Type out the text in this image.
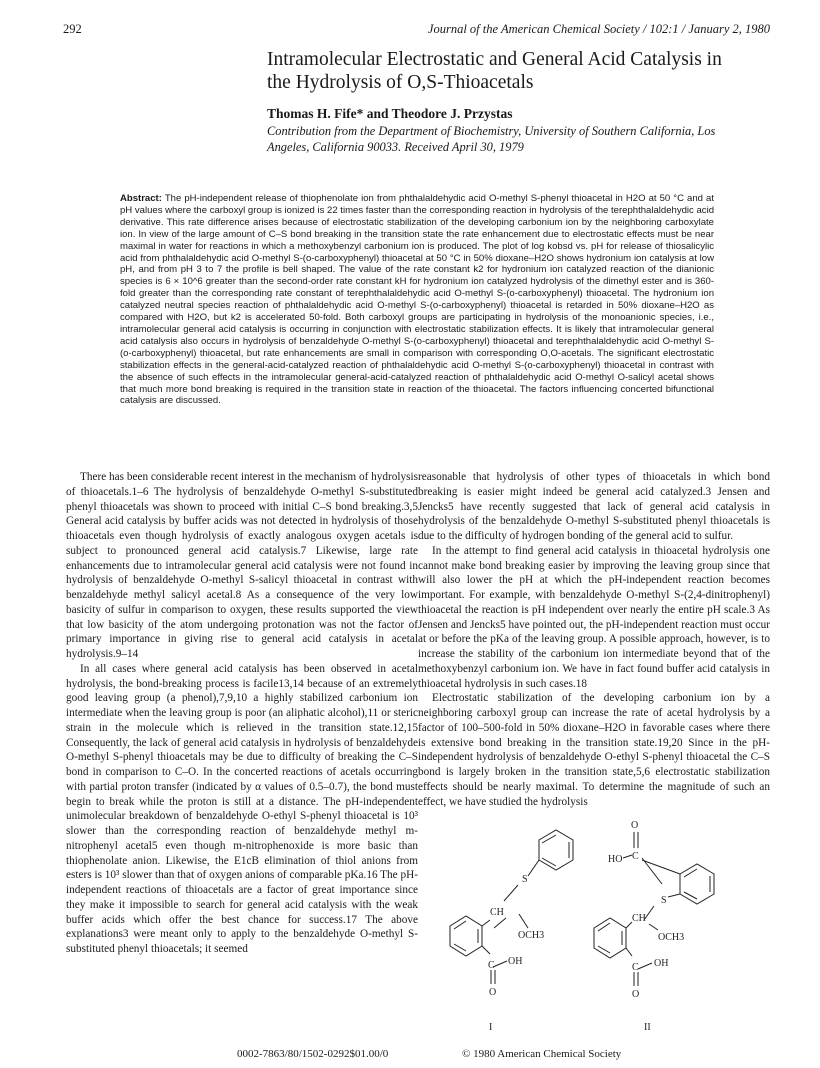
292	Journal of the American Chemical Society / 102:1 / January 2, 1980
Intramolecular Electrostatic and General Acid Catalysis in the Hydrolysis of O,S-Thioacetals
Thomas H. Fife* and Theodore J. Przystas
Contribution from the Department of Biochemistry, University of Southern California, Los Angeles, California 90033. Received April 30, 1979
Abstract: The pH-independent release of thiophenolate ion from phthalaldehydic acid O-methyl S-phenyl thioacetal in H2O at 50 °C and at pH values where the carboxyl group is ionized is 22 times faster than the corresponding reaction in hydrolysis of the terephthalaldehydic acid derivative. This rate difference arises because of electrostatic stabilization of the developing carbonium ion by the neighboring carboxylate ion. In view of the large amount of C–S bond breaking in the transition state the rate enhancement due to electrostatic effects must be near maximal in water for reactions in which a methoxybenzyl carbonium ion is produced. The plot of log kobsd vs. pH for release of thiosalicylic acid from phthalaldehydic acid O-methyl S-(o-carboxyphenyl) thioacetal at 50 °C in 50% dioxane–H2O shows hydronium ion catalysis at low pH, and from pH 3 to 7 the profile is bell shaped. The value of the rate constant k2 for hydronium ion catalyzed reaction of the dianionic species is 6 × 10^6 greater than the second-order rate constant kH for hydronium ion catalyzed hydrolysis of the dimethyl ester and is 360-fold greater than the corresponding rate constant of terephthalaldehydic acid O-methyl S-(o-carboxyphenyl) thioacetal. The hydronium ion catalyzed neutral species reaction of phthalaldehydic acid O-methyl S-(o-carboxyphenyl) thioacetal is retarded in 50% dioxane–H2O as compared with H2O, but k2 is accelerated 50-fold. Both carboxyl groups are participating in hydrolysis of the monoanionic species, i.e., intramolecular general acid catalysis is occurring in conjunction with electrostatic stabilization effects. It is likely that intramolecular general acid catalysis also occurs in hydrolysis of benzaldehyde O-methyl S-(o-carboxyphenyl) thioacetal and terephthalaldehydic acid O-methyl S-(o-carboxyphenyl) thioacetal, but rate enhancements are small in comparison with corresponding O,O-acetals. The significant electrostatic stabilization effects in the general-acid-catalyzed reaction of phthalaldehydic acid O-methyl S-(o-carboxyphenyl) thioacetal in contrast with the absence of such effects in the intramolecular general-acid-catalyzed reaction of phthalaldehydic acid O-methyl O-salicyl acetal shows that much more bond breaking is required in the transition state in reaction of the thioacetal. The factors influencing concerted bifunctional catalysis are discussed.

There has been considerable recent interest in the mechanism of hydrolysis of thioacetals.1–6 The hydrolysis of benzaldehyde O-methyl S-substituted phenyl thioacetals was shown to proceed with initial C–S bond breaking.3,5 General acid catalysis by buffer acids was not detected in hydrolysis of those thioacetals even though hydrolysis of exactly analogous oxygen acetals is subject to pronounced general acid catalysis.7 Likewise, large rate enhancements due to intramolecular general acid catalysis were not found in hydrolysis of benzaldehyde O-methyl S-salicyl thioacetal in contrast with benzaldehyde methyl salicyl acetal.8 As a consequence of the very low basicity of sulfur in comparison to oxygen, these results supported the view that low basicity of the atom undergoing protonation was not the factor of primary importance in giving rise to general acid catalysis in acetal hydrolysis.9–14

In all cases where general acid catalysis has been observed in acetal hydrolysis, the bond-breaking process is facile13,14 because of an extremely good leaving group (a phenol),7,9,10 a highly stabilized carbonium ion intermediate when the leaving group is poor (an aliphatic alcohol),11 or steric strain in the molecule which is relieved in the transition state.12,15 Consequently, the lack of general acid catalysis in hydrolysis of benzaldehyde O-methyl S-phenyl thioacetals may be due to difficulty of breaking the C–S bond in comparison to C–O. In the concerted reactions of acetals occurring with partial proton transfer (indicated by α values of 0.5–0.7), the bond must begin to break while the proton is still at a distance. The pH-independent unimolecular breakdown of benzaldehyde O-ethyl S-phenyl thioacetal is 10³ slower than the corresponding reaction of benzaldehyde methyl m-nitrophenyl acetal5 even though m-nitrophenoxide is more basic than thiophenolate anion. Likewise, the E1cB elimination of thiol anions from esters is 10³ slower than that of oxygen anions of comparable pKa.16 The pH-independent reactions of thioacetals are a factor of great importance since they make it impossible to search for general acid catalysis with the weak buffer acids which offer the best chance for success.17 The above explanations3 were meant only to apply to the benzaldehyde O-methyl S-substituted phenyl thioacetals; it seemed

reasonable that hydrolysis of other types of thioacetals in which bond breaking is easier might indeed be general acid catalyzed.3 Jensen and Jencks5 have recently suggested that lack of general acid catalysis in hydrolysis of the benzaldehyde O-methyl S-substituted phenyl thioacetals is due to the difficulty of hydrogen bonding of the general acid to sulfur.

In the attempt to find general acid catalysis in thioacetal hydrolysis one cannot make bond breaking easier by improving the leaving group since that will also lower the pH at which the pH-independent reaction becomes important. For example, with benzaldehyde O-methyl S-(2,4-dinitrophenyl) thioacetal the reaction is pH independent over nearly the entire pH scale.3 As Jensen and Jencks5 have pointed out, the pH-independent reaction must occur at or before the pKa of the leaving group. A possible approach, however, is to increase the stability of the carbonium ion intermediate beyond that of the methoxybenzyl carbonium ion. We have in fact found buffer acid catalysis in thioacetal hydrolysis in such cases.18

Electrostatic stabilization of the developing carbonium ion by a neighboring carboxyl group can increase the rate of acetal hydrolysis by a factor of 100–500-fold in 50% dioxane–H2O in favorable cases where there is extensive bond breaking in the transition state.19,20 Since in the pH-independent hydrolysis of benzaldehyde O-ethyl S-phenyl thioacetal the C–S bond is largely broken in the transition state,5,6 electrostatic stabilization effects should be nearly maximal. To determine the magnitude of such an effect, we have studied the hydrolysis

S
CH
OCH3
C OH
O
I
O
HO C
S
CH
OCH3
C OH
O
II
0002-7863/80/1502-0292$01.00/0	© 1980 American Chemical Society
